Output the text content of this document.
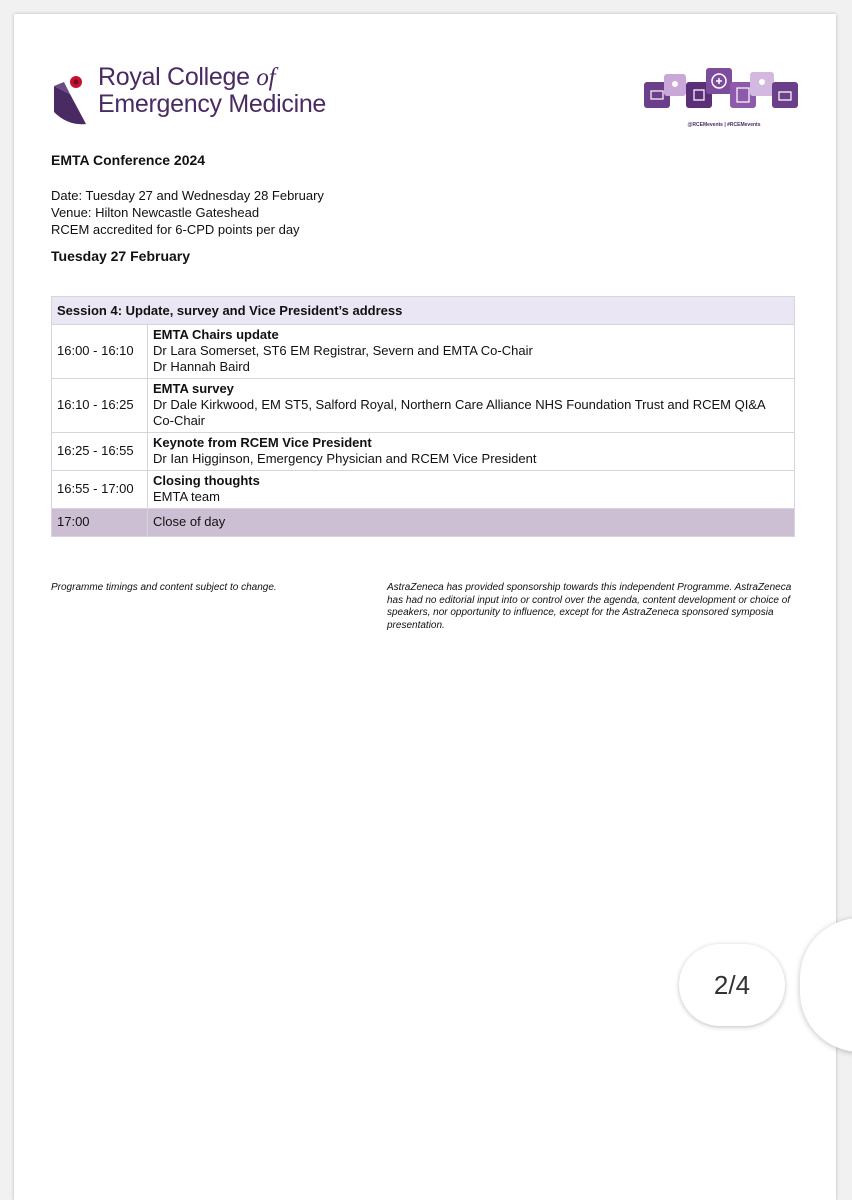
Royal College of
Emergency Medicine
@RCEMevents | #RCEMevents
EMTA Conference 2024
Date: Tuesday 27 and Wednesday 28 February
Venue: Hilton Newcastle Gateshead
RCEM accredited for 6-CPD points per day
Tuesday 27 February
Session 4: Update, survey and Vice President’s address	
16:00 - 16:10	EMTA Chairs update
Dr Lara Somerset, ST6 EM Registrar, Severn and EMTA Co-Chair
Dr Hannah Baird

16:10 - 16:25	EMTA survey
Dr Dale Kirkwood, EM ST5, Salford Royal, Northern Care Alliance NHS Foundation Trust and RCEM QI&A Co-Chair

16:25 - 16:55	Keynote from RCEM Vice President
Dr Ian Higginson, Emergency Physician and RCEM Vice President

16:55 - 17:00	Closing thoughts
EMTA team

17:00	Close of day
Programme timings and content subject to change.	AstraZeneca has provided sponsorship towards this independent Programme. AstraZeneca has had no editorial input into or control over the agenda, content development or choice of speakers, nor opportunity to influence, except for the AstraZeneca sponsored symposia presentation.
2/4
